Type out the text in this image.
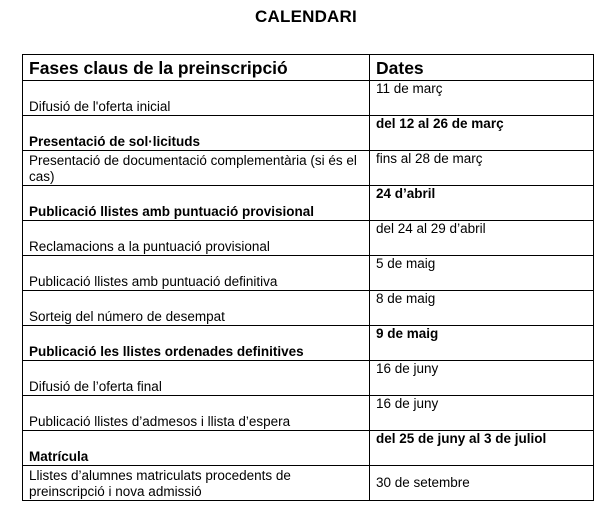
CALENDARI
Fases claus de la preinscripció	Dates
Difusió de l'oferta inicial	11 de març
Presentació de sol·licituds	del 12 al 26 de març
Presentació de documentació complementària (si és el cas)	fins al 28 de març
Publicació llistes amb puntuació provisional	24 d’abril
Reclamacions a la puntuació provisional	del 24 al 29 d’abril
Publicació llistes amb puntuació definitiva	5 de maig
Sorteig del número de desempat	8 de maig
Publicació les llistes ordenades definitives	9 de maig
Difusió de l’oferta final	16 de juny
Publicació llistes d’admesos i llista d’espera	16 de juny
Matrícula	del 25 de juny al 3 de juliol
Llistes d’alumnes matriculats procedents de preinscripció i nova admissió	30 de setembre
